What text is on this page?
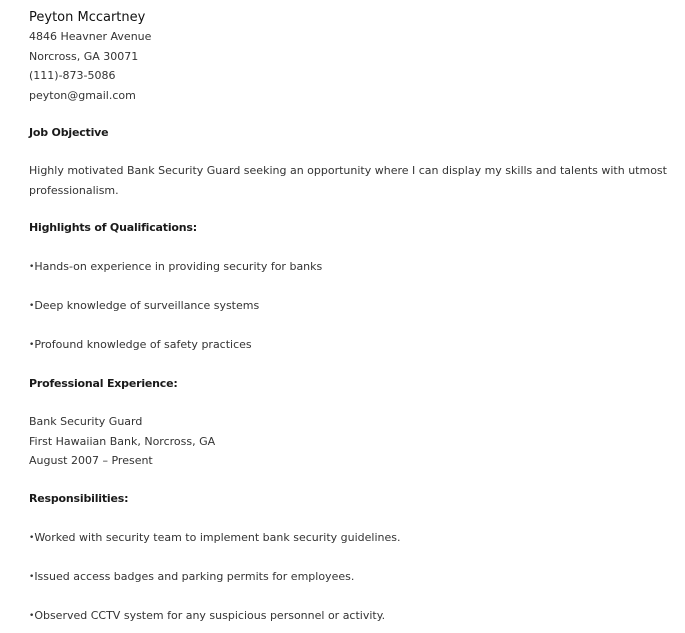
Peyton Mccartney

4846 Heavner Avenue

Norcross, GA 30071

(111)-873-5086

peyton@gmail.com

Job Objective

Highly motivated Bank Security Guard seeking an opportunity where I can display my skills and talents with utmost professionalism.

Highlights of Qualifications:

•Hands-on experience in providing security for banks

•Deep knowledge of surveillance systems

•Profound knowledge of safety practices

Professional Experience:

Bank Security Guard

First Hawaiian Bank, Norcross, GA

August 2007 – Present

Responsibilities:

•Worked with security team to implement bank security guidelines.

•Issued access badges and parking permits for employees.

•Observed CCTV system for any suspicious personnel or activity.
